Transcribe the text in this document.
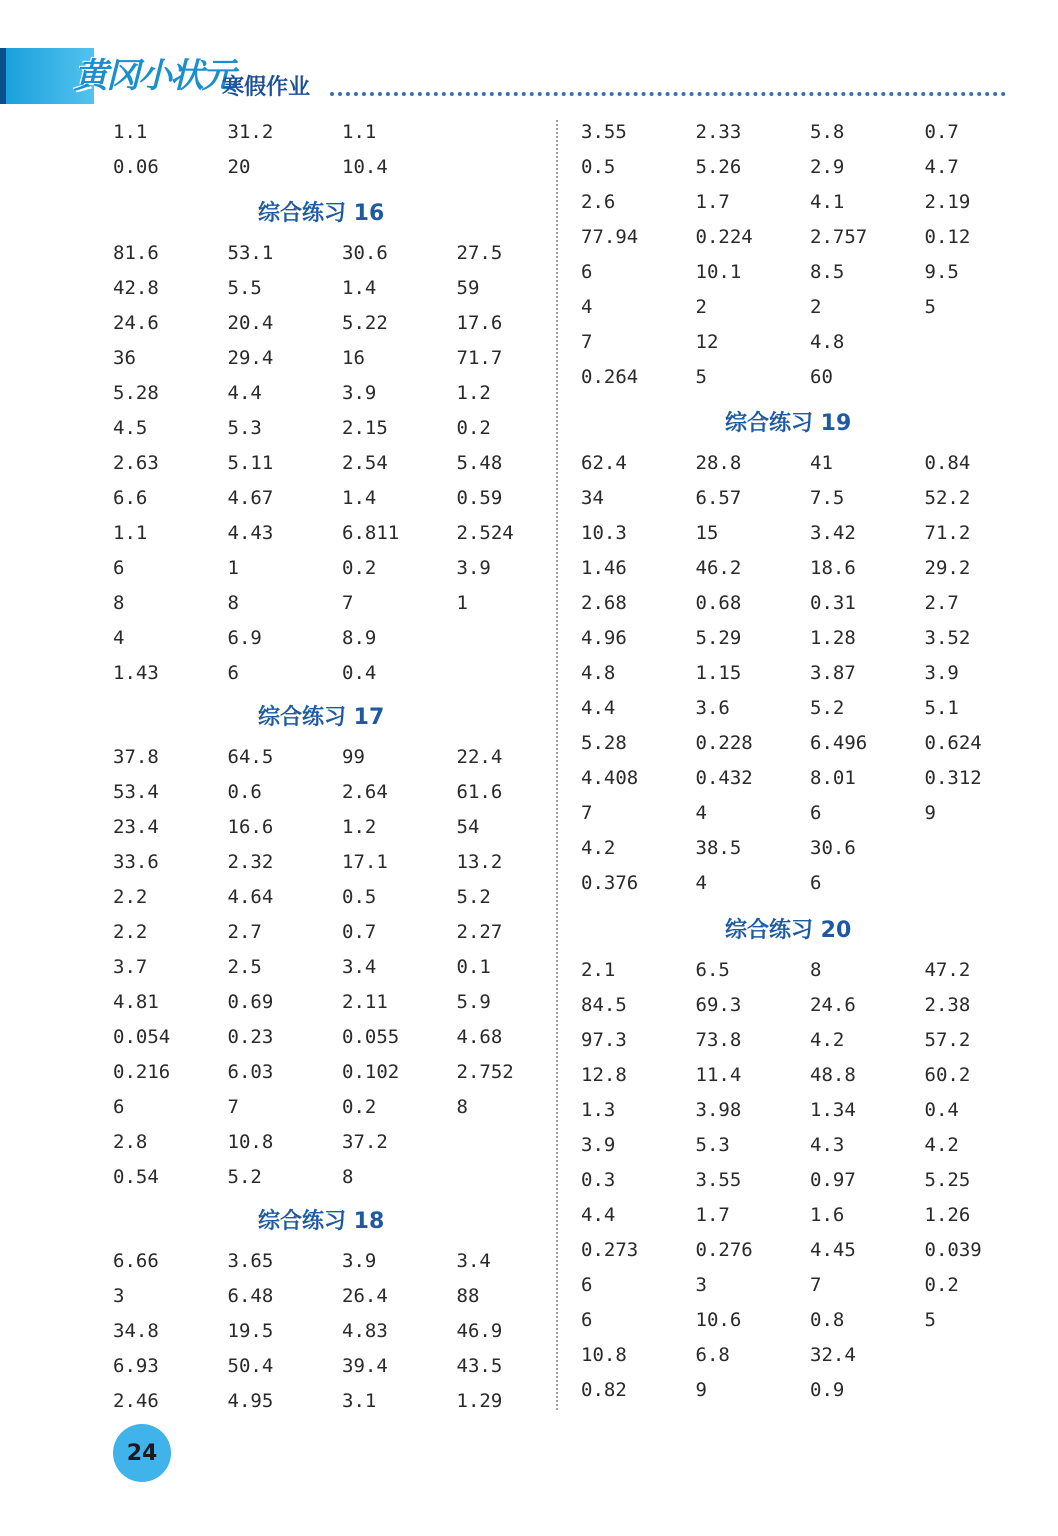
黄冈小状元
寒假作业
1.1	31.2	1.1
0.06	20	10.4
综合练习 16
81.6	53.1	30.6	27.5
42.8	5.5	1.4	59
24.6	20.4	5.22	17.6
36	29.4	16	71.7
5.28	4.4	3.9	1.2
4.5	5.3	2.15	0.2
2.63	5.11	2.54	5.48
6.6	4.67	1.4	0.59
1.1	4.43	6.811	2.524
6	1	0.2	3.9
8	8	7	1
4	6.9	8.9
1.43	6	0.4
综合练习 17
37.8	64.5	99	22.4
53.4	0.6	2.64	61.6
23.4	16.6	1.2	54
33.6	2.32	17.1	13.2
2.2	4.64	0.5	5.2
2.2	2.7	0.7	2.27
3.7	2.5	3.4	0.1
4.81	0.69	2.11	5.9
0.054	0.23	0.055	4.68
0.216	6.03	0.102	2.752
6	7	0.2	8
2.8	10.8	37.2
0.54	5.2	8
综合练习 18
6.66	3.65	3.9	3.4
3	6.48	26.4	88
34.8	19.5	4.83	46.9
6.93	50.4	39.4	43.5
2.46	4.95	3.1	1.29
3.55	2.33	5.8	0.7
0.5	5.26	2.9	4.7
2.6	1.7	4.1	2.19
77.94	0.224	2.757	0.12
6	10.1	8.5	9.5
4	2	2	5
7	12	4.8
0.264	5	60
综合练习 19
62.4	28.8	41	0.84
34	6.57	7.5	52.2
10.3	15	3.42	71.2
1.46	46.2	18.6	29.2
2.68	0.68	0.31	2.7
4.96	5.29	1.28	3.52
4.8	1.15	3.87	3.9
4.4	3.6	5.2	5.1
5.28	0.228	6.496	0.624
4.408	0.432	8.01	0.312
7	4	6	9
4.2	38.5	30.6
0.376	4	6
综合练习 20
2.1	6.5	8	47.2
84.5	69.3	24.6	2.38
97.3	73.8	4.2	57.2
12.8	11.4	48.8	60.2
1.3	3.98	1.34	0.4
3.9	5.3	4.3	4.2
0.3	3.55	0.97	5.25
4.4	1.7	1.6	1.26
0.273	0.276	4.45	0.039
6	3	7	0.2
6	10.6	0.8	5
10.8	6.8	32.4
0.82	9	0.9
24
